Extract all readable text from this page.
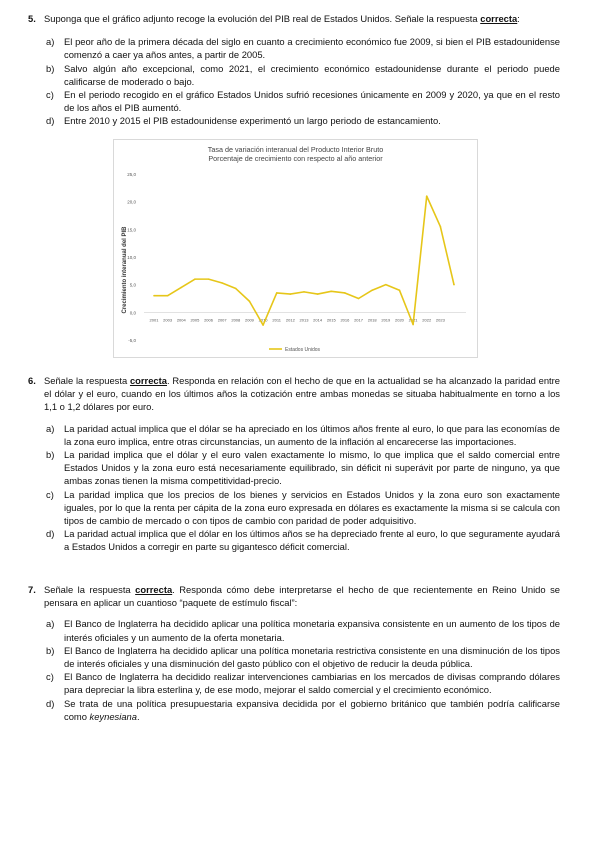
5. Suponga que el gráfico adjunto recoge la evolución del PIB real de Estados Unidos. Señale la respuesta correcta:
a)	El peor año de la primera década del siglo en cuanto a crecimiento económico fue 2009, si bien el PIB estadounidense comenzó a caer ya años antes, a partir de 2005.
b)	Salvo algún año excepcional, como 2021, el crecimiento económico estadounidense durante el periodo puede calificarse de moderado o bajo.
c)	En el periodo recogido en el gráfico Estados Unidos sufrió recesiones únicamente en 2009 y 2020, ya que en el resto de los años el PIB aumentó.
d)	Entre 2010 y 2015 el PIB estadounidense experimentó un largo periodo de estancamiento.
Tasa de variación interanual del Producto Interior Bruto
Porcentaje de crecimiento con respecto al año anterior
25,0
20,0
15,0
10,0
5,0
0,0
-5,0
2001 2003 2004 2005 2006 2007 2008 2009 2010 2011 2012 2013 2014 2015 2016 2017 2018 2019 2020 2021 2022 2023
Crecimiento interanual del PIB
Estados Unidos
6. Señale la respuesta correcta. Responda en relación con el hecho de que en la actualidad se ha alcanzado la paridad entre el dólar y el euro, cuando en los últimos años la cotización entre ambas monedas se situaba habitualmente en torno a los 1,1 o 1,2 dólares por euro.
a)	La paridad actual implica que el dólar se ha apreciado en los últimos años frente al euro, lo que para las economías de la zona euro implica, entre otras circunstancias, un aumento de la inflación al encarecerse las importaciones.
b)	La paridad implica que el dólar y el euro valen exactamente lo mismo, lo que implica que el saldo comercial entre Estados Unidos y la zona euro está necesariamente equilibrado, sin déficit ni superávit por parte de ninguno, ya que ambas zonas tienen la misma competitividad-precio.
c)	La paridad implica que los precios de los bienes y servicios en Estados Unidos y la zona euro son exactamente iguales, por lo que la renta per cápita de la zona euro expresada en dólares es exactamente la misma si se calcula con tipos de cambio de mercado o con tipos de cambio con paridad de poder adquisitivo.
d)	La paridad actual implica que el dólar en los últimos años se ha depreciado frente al euro, lo que seguramente ayudará a Estados Unidos a corregir en parte su gigantesco déficit comercial.
7. Señale la respuesta correcta. Responda cómo debe interpretarse el hecho de que recientemente en Reino Unido se pensara en aplicar un cuantioso “paquete de estímulo fiscal”:
a)	El Banco de Inglaterra ha decidido aplicar una política monetaria expansiva consistente en un aumento de los tipos de interés oficiales y un aumento de la oferta monetaria.
b)	El Banco de Inglaterra ha decidido aplicar una política monetaria restrictiva consistente en una disminución de los tipos de interés oficiales y una disminución del gasto público con el objetivo de reducir la deuda pública.
c)	El Banco de Inglaterra ha decidido realizar intervenciones cambiarias en los mercados de divisas comprando dólares para depreciar la libra esterlina y, de ese modo, mejorar el saldo comercial y el crecimiento económico.
d)	Se trata de una política presupuestaria expansiva decidida por el gobierno británico que también podría calificarse como keynesiana.
